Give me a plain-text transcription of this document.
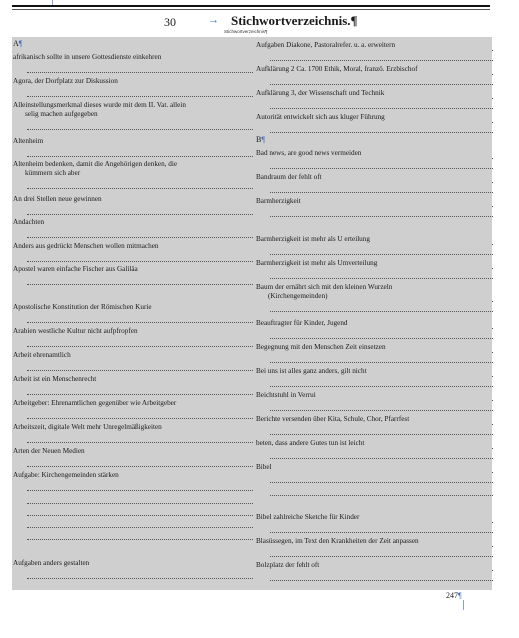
30	→ Stichwortverzeichnis.¶
Stichwortverzeichnis¶
A¶
afrikanisch sollte in unsere Gottesdienste einkehren
Agora, der Dorfplatz zur Diskussion
Alleinstellungsmerkmal dieses wurde mit dem II. Vat. allein
selig machen aufgegeben
Altenheim
Altenheim bedenken, damit die Angehörigen denken, die
kümmern sich aber
An drei Stellen neue gewinnen
Andachten
Anders aus gedrückt Menschen wollen mitmachen
Apostel waren einfache Fischer aus Galiläa
Apostolische Konstitution der Römischen Kurie
Arabien westliche Kultur nicht aufpfropfen
Arbeit ehrenamtlich
Arbeit ist ein Menschenrecht
Arbeitgeber: Ehrenamtlichen gegenüber wie Arbeitgeber
Arbeitszeit, digitale Welt mehr Unregelmäßigkeiten
Arten der Neuen Medien
Aufgabe: Kirchengemeinden stärken
Aufgaben anders gestalten
B¶
Aufgaben Diakone, Pastoralrefer. u. a. erweitern
Aufklärung 2 Ca. 1700 Ethik, Moral, franzö. Erzbischof
Aufklärung 3, der Wissenschaft und Technik
Autorität entwickelt sich aus kluger Führung
Bad news, are good news vermeiden
Bandraum der fehlt oft
Barmherzigkeit
Barmherzigkeit ist mehr als U erteilung
Barmherzigkeit ist mehr als Umverteilung
Baum der ernährt sich mit den kleinen Wurzeln
(Kirchengemeinden)
Beauftragter für Kinder, Jugend
Begegnung mit den Menschen Zeit einsetzen
Bei uns ist alles ganz anders, gilt nicht
Beichtstuhl in Verrui
Berichte versenden über Kita, Schule, Chor, Pfarrfest
beten, dass andere Gutes tun ist leicht
Bibel
Bibel zahlreiche Sketche für Kinder
Blasüssegen, im Text den Krankheiten der Zeit anpassen
Bolzplatz der fehlt oft
247¶
